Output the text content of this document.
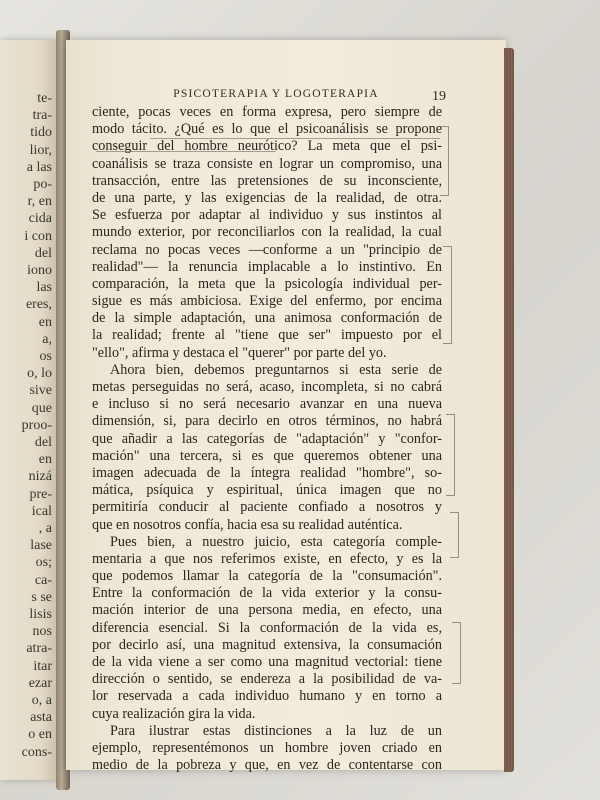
te-
tra-
tido
lior,
a las
po-
r, en
cida
i con
del
iono
las
eres,
en
a,
os
o, lo
sive
que
proo-
del
en
nizá
pre-
ical
, a
lase
os;
ca-
s se
lisis
nos
atra-
itar
ezar
o, a
asta
o en
cons-
PSICOTERAPIA Y LOGOTERAPIA	19
ciente, pocas veces en forma expresa, pero siempre de
modo tácito. ¿Qué es lo que el psicoanálisis se propone
conseguir del hombre neurótico? La meta que el psi-
coanálisis se traza consiste en lograr un compromiso, una
transacción, entre las pretensiones de su inconsciente,
de una parte, y las exigencias de la realidad, de otra.
Se esfuerza por adaptar al individuo y sus instintos al
mundo exterior, por reconciliarlos con la realidad, la cual
reclama no pocas veces —conforme a un "principio de
realidad"— la renuncia implacable a lo instintivo. En
comparación, la meta que la psicología individual per-
sigue es más ambiciosa. Exige del enfermo, por encima
de la simple adaptación, una animosa conformación de
la realidad; frente al "tiene que ser" impuesto por el
"ello", afirma y destaca el "querer" por parte del yo.
Ahora bien, debemos preguntarnos si esta serie de
metas perseguidas no será, acaso, incompleta, si no cabrá
e incluso si no será necesario avanzar en una nueva
dimensión, si, para decirlo en otros términos, no habrá
que añadir a las categorías de "adaptación" y "confor-
mación" una tercera, si es que queremos obtener una
imagen adecuada de la íntegra realidad "hombre", so-
mática, psíquica y espiritual, única imagen que no
permitiría conducir al paciente confiado a nosotros y
que en nosotros confía, hacia esa su realidad auténtica.
Pues bien, a nuestro juicio, esta categoría comple-
mentaria a que nos referimos existe, en efecto, y es la
que podemos llamar la categoría de la "consumación".
Entre la conformación de la vida exterior y la consu-
mación interior de una persona media, en efecto, una
diferencia esencial. Si la conformación de la vida es,
por decirlo así, una magnitud extensiva, la consumación
de la vida viene a ser como una magnitud vectorial: tiene
dirección o sentido, se endereza a la posibilidad de va-
lor reservada a cada individuo humano y en torno a
cuya realización gira la vida.
Para ilustrar estas distinciones a la luz de un
ejemplo, representémonos un hombre joven criado en
medio de la pobreza y que, en vez de contentarse con
